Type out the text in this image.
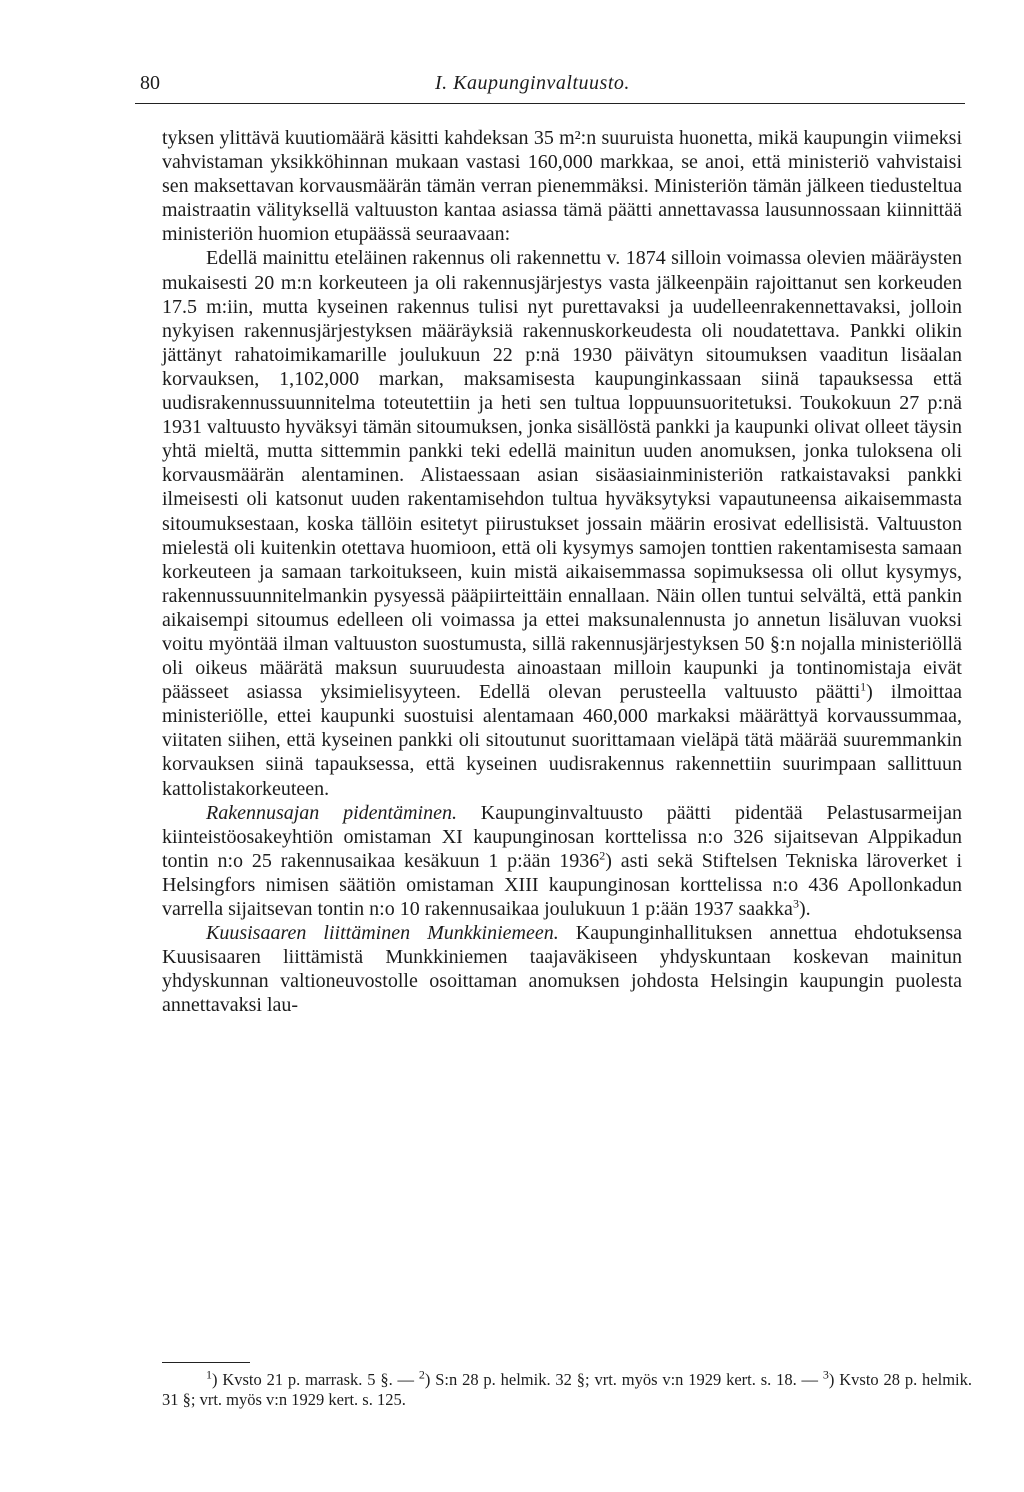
80	I. Kaupunginvaltuusto.

tyksen ylittävä kuutiomäärä käsitti kahdeksan 35 m²:n suuruista huonetta, mikä kaupungin viimeksi vahvistaman yksikköhinnan mukaan vastasi 160,000 markkaa, se anoi, että ministeriö vahvistaisi sen maksettavan korvausmäärän tämän verran pienemmäksi. Ministeriön tämän jälkeen tiedusteltua maistraatin välityksellä valtuuston kantaa asiassa tämä päätti annettavassa lausunnossaan kiinnittää ministeriön huomion etupäässä seuraavaan:

Edellä mainittu eteläinen rakennus oli rakennettu v. 1874 silloin voimassa olevien määräysten mukaisesti 20 m:n korkeuteen ja oli rakennusjärjestys vasta jälkeenpäin rajoittanut sen korkeuden 17.5 m:iin, mutta kyseinen rakennus tulisi nyt purettavaksi ja uudelleenrakennettavaksi, jolloin nykyisen rakennusjärjestyksen määräyksiä rakennuskorkeudesta oli noudatettava. Pankki olikin jättänyt rahatoimikamarille joulukuun 22 p:nä 1930 päivätyn sitoumuksen vaaditun lisäalan korvauksen, 1,102,000 markan, maksamisesta kaupunginkassaan siinä tapauksessa että uudisrakennussuunnitelma toteutettiin ja heti sen tultua loppuunsuoritetuksi. Toukokuun 27 p:nä 1931 valtuusto hyväksyi tämän sitoumuksen, jonka sisällöstä pankki ja kaupunki olivat olleet täysin yhtä mieltä, mutta sittemmin pankki teki edellä mainitun uuden anomuksen, jonka tuloksena oli korvausmäärän alentaminen. Alistaessaan asian sisäasiainministeriön ratkaistavaksi pankki ilmeisesti oli katsonut uuden rakentamisehdon tultua hyväksytyksi vapautuneensa aikaisemmasta sitoumuksestaan, koska tällöin esitetyt piirustukset jossain määrin erosivat edellisistä. Valtuuston mielestä oli kuitenkin otettava huomioon, että oli kysymys samojen tonttien rakentamisesta samaan korkeuteen ja samaan tarkoitukseen, kuin mistä aikaisemmassa sopimuksessa oli ollut kysymys, rakennussuunnitelmankin pysyessä pääpiirteittäin ennallaan. Näin ollen tuntui selvältä, että pankin aikaisempi sitoumus edelleen oli voimassa ja ettei maksunalennusta jo annetun lisäluvan vuoksi voitu myöntää ilman valtuuston suostumusta, sillä rakennusjärjestyksen 50 §:n nojalla ministeriöllä oli oikeus määrätä maksun suuruudesta ainoastaan milloin kaupunki ja tontinomistaja eivät päässeet asiassa yksimielisyyteen. Edellä olevan perusteella valtuusto päätti$^1$) ilmoittaa ministeriölle, ettei kaupunki suostuisi alentamaan 460,000 markaksi määrättyä korvaussummaa, viitaten siihen, että kyseinen pankki oli sitoutunut suorittamaan vieläpä tätä määrää suuremmankin korvauksen siinä tapauksessa, että kyseinen uudisrakennus rakennettiin suurimpaan sallittuun kattolistakorkeuteen.

Rakennusajan pidentäminen. Kaupunginvaltuusto päätti pidentää Pelastusarmeijan kiinteistöosakeyhtiön omistaman XI kaupunginosan korttelissa n:o 326 sijaitsevan Alppikadun tontin n:o 25 rakennusaikaa kesäkuun 1 p:ään 1936$^2$) asti sekä Stiftelsen Tekniska läroverket i Helsingfors nimisen säätiön omistaman XIII kaupunginosan korttelissa n:o 436 Apollonkadun varrella sijaitsevan tontin n:o 10 rakennusaikaa joulukuun 1 p:ään 1937 saakka$^3$).

Kuusisaaren liittäminen Munkkiniemeen. Kaupunginhallituksen annettua ehdotuksensa Kuusisaaren liittämistä Munkkiniemen taajaväkiseen yhdyskuntaan koskevan mainitun yhdyskunnan valtioneuvostolle osoittaman anomuksen johdosta Helsingin kaupungin puolesta annettavaksi lau-

$^1$) Kvsto 21 p. marrask. 5 §. — $^2$) S:n 28 p. helmik. 32 §; vrt. myös v:n 1929 kert. s. 18. — $^3$) Kvsto 28 p. helmik. 31 §; vrt. myös v:n 1929 kert. s. 125.
